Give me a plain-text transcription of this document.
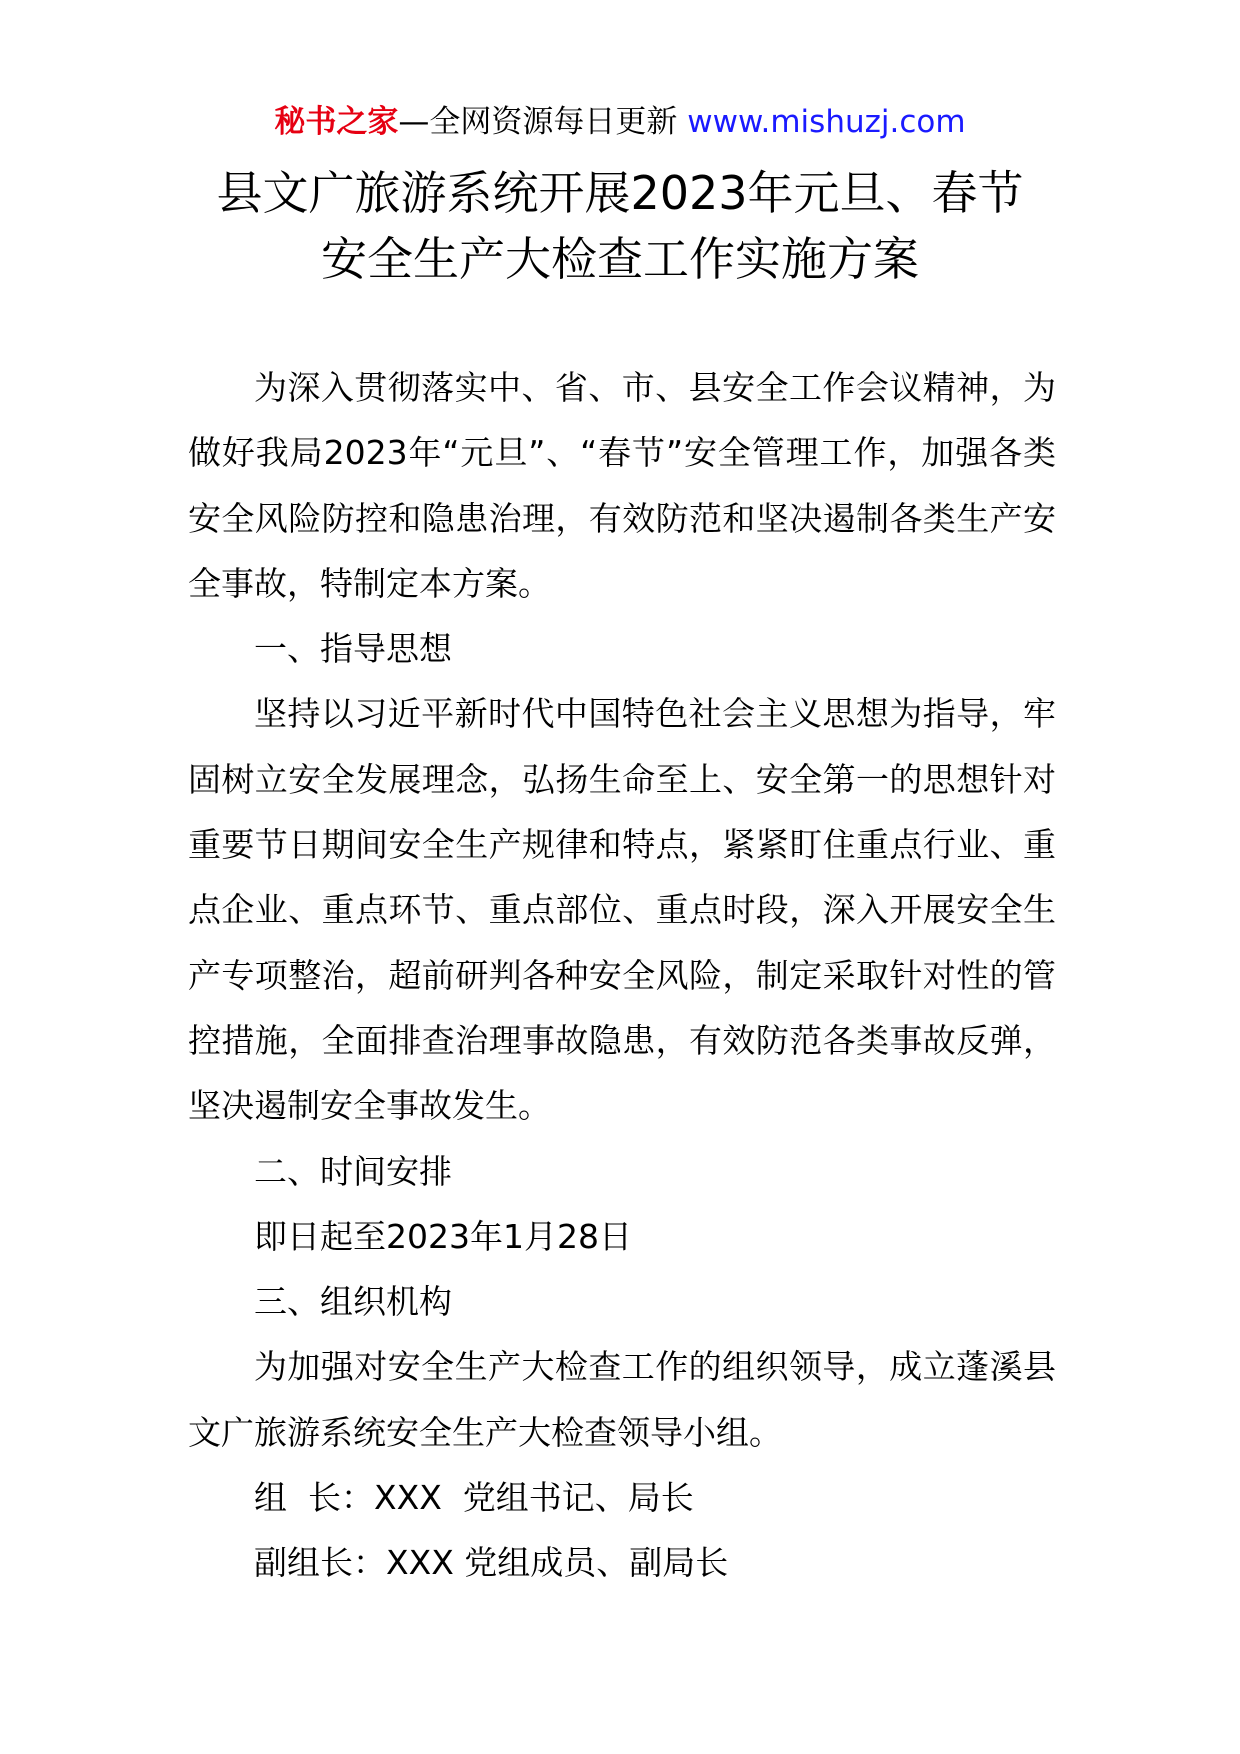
秘书之家—全网资源每日更新 www.mishuzj.com
县文广旅游系统开展2023年元旦、春节
安全生产大检查工作实施方案

为深入贯彻落实中、省、市、县安全工作会议精神，为做好我局2023年“元旦”、“春节”安全管理工作，加强各类安全风险防控和隐患治理，有效防范和坚决遏制各类生产安全事故，特制定本方案。

一、指导思想

坚持以习近平新时代中国特色社会主义思想为指导，牢固树立安全发展理念，弘扬生命至上、安全第一的思想针对重要节日期间安全生产规律和特点，紧紧盯住重点行业、重点企业、重点环节、重点部位、重点时段，深入开展安全生产专项整治，超前研判各种安全风险，制定采取针对性的管控措施，全面排查治理事故隐患，有效防范各类事故反弹，坚决遏制安全事故发生。

二、时间安排

即日起至2023年1月28日

三、组织机构

为加强对安全生产大检查工作的组织领导，成立蓬溪县文广旅游系统安全生产大检查领导小组。

组  长：XXX  党组书记、局长

副组长：XXX 党组成员、副局长
